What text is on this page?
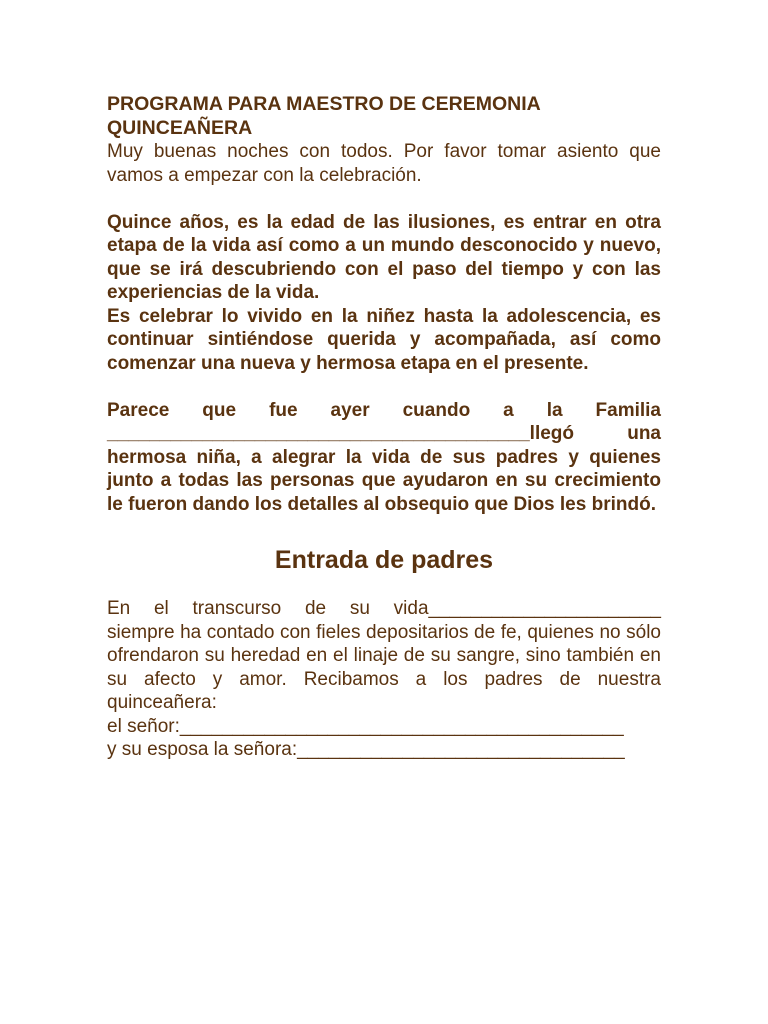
PROGRAMA PARA MAESTRO DE CEREMONIA
QUINCEAÑERA

Muy buenas noches con todos. Por favor tomar asiento que vamos a empezar con la celebración.

Quince años, es la edad de las ilusiones, es entrar en otra etapa de la vida así como a un mundo desconocido y nuevo, que se irá descubriendo con el paso del tiempo y con las experiencias de la vida.

Es celebrar lo vivido en la niñez hasta la adolescencia, es continuar sintiéndose querida y acompañada, así como comenzar una nueva y hermosa etapa en el presente.

Parece que fue ayer cuando a la Familia

________________________________________llegó una

hermosa niña, a alegrar la vida de sus padres y quienes junto a todas las personas que ayudaron en su crecimiento le fueron dando los detalles al obsequio que Dios les brindó.

Entrada de padres

En el transcurso de su vida______________________

siempre ha contado con fieles depositarios de fe, quienes no sólo ofrendaron su heredad en el linaje de su sangre, sino también en su afecto y amor. Recibamos a los padres de nuestra quinceañera:

el señor:__________________________________________
y su esposa la señora:_______________________________
